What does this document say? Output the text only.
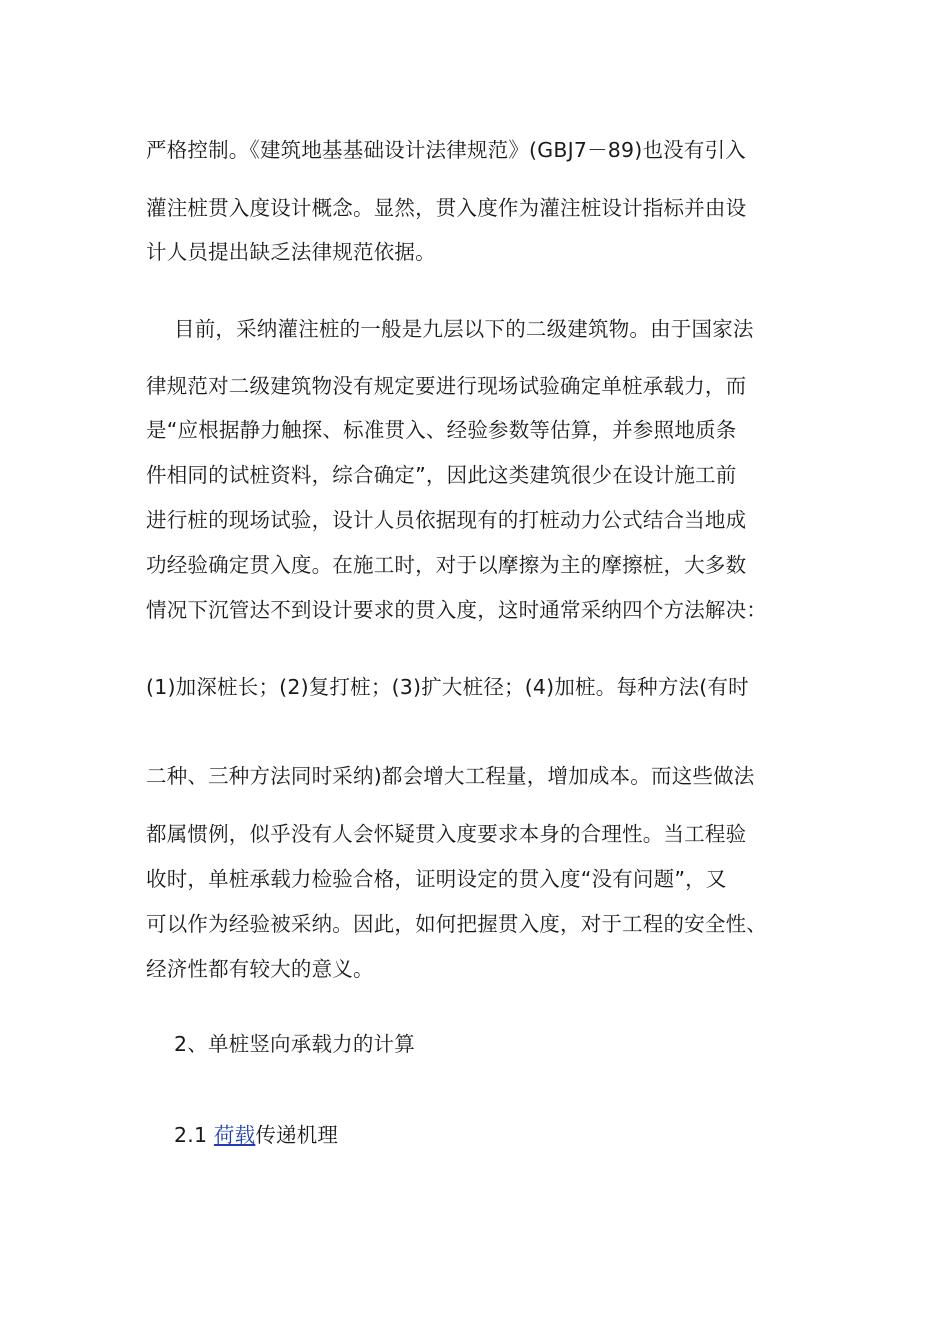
严格控制。《建筑地基基础设计法律规范》(GBJ7－89)也没有引入
灌注桩贯入度设计概念。显然，贯入度作为灌注桩设计指标并由设
计人员提出缺乏法律规范依据。
目前，采纳灌注桩的一般是九层以下的二级建筑物。由于国家法
律规范对二级建筑物没有规定要进行现场试验确定单桩承载力，而
是“应根据静力触探、标准贯入、经验参数等估算，并参照地质条
件相同的试桩资料，综合确定”，因此这类建筑很少在设计施工前
进行桩的现场试验，设计人员依据现有的打桩动力公式结合当地成
功经验确定贯入度。在施工时，对于以摩擦为主的摩擦桩，大多数
情况下沉管达不到设计要求的贯入度，这时通常采纳四个方法解决：
(1)加深桩长；(2)复打桩；(3)扩大桩径；(4)加桩。每种方法(有时
二种、三种方法同时采纳)都会增大工程量，增加成本。而这些做法
都属惯例，似乎没有人会怀疑贯入度要求本身的合理性。当工程验
收时，单桩承载力检验合格，证明设定的贯入度“没有问题”，又
可以作为经验被采纳。因此，如何把握贯入度，对于工程的安全性、
经济性都有较大的意义。
2、单桩竖向承载力的计算
2.1 荷载传递机理
